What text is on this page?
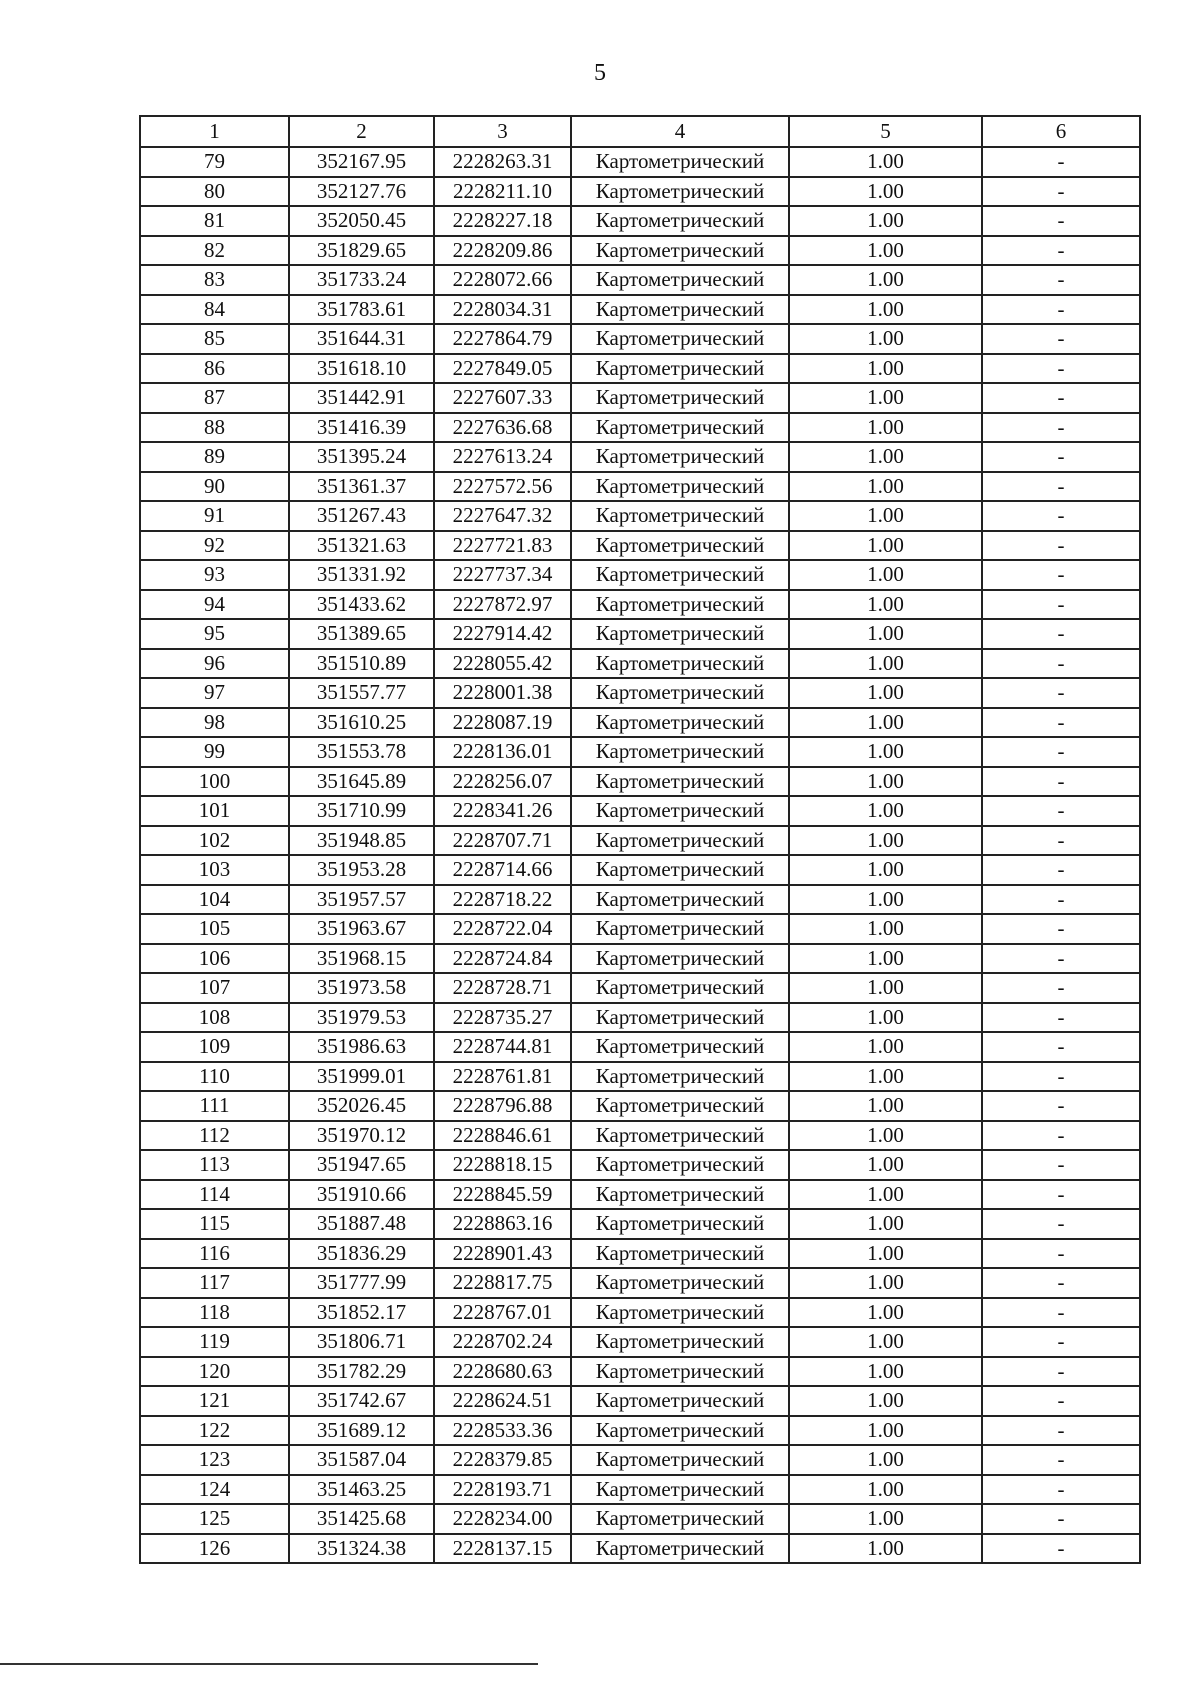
5
1	2	3	4	5	6
79	352167.95	2228263.31	Картометрический	1.00	-
80	352127.76	2228211.10	Картометрический	1.00	-
81	352050.45	2228227.18	Картометрический	1.00	-
82	351829.65	2228209.86	Картометрический	1.00	-
83	351733.24	2228072.66	Картометрический	1.00	-
84	351783.61	2228034.31	Картометрический	1.00	-
85	351644.31	2227864.79	Картометрический	1.00	-
86	351618.10	2227849.05	Картометрический	1.00	-
87	351442.91	2227607.33	Картометрический	1.00	-
88	351416.39	2227636.68	Картометрический	1.00	-
89	351395.24	2227613.24	Картометрический	1.00	-
90	351361.37	2227572.56	Картометрический	1.00	-
91	351267.43	2227647.32	Картометрический	1.00	-
92	351321.63	2227721.83	Картометрический	1.00	-
93	351331.92	2227737.34	Картометрический	1.00	-
94	351433.62	2227872.97	Картометрический	1.00	-
95	351389.65	2227914.42	Картометрический	1.00	-
96	351510.89	2228055.42	Картометрический	1.00	-
97	351557.77	2228001.38	Картометрический	1.00	-
98	351610.25	2228087.19	Картометрический	1.00	-
99	351553.78	2228136.01	Картометрический	1.00	-
100	351645.89	2228256.07	Картометрический	1.00	-
101	351710.99	2228341.26	Картометрический	1.00	-
102	351948.85	2228707.71	Картометрический	1.00	-
103	351953.28	2228714.66	Картометрический	1.00	-
104	351957.57	2228718.22	Картометрический	1.00	-
105	351963.67	2228722.04	Картометрический	1.00	-
106	351968.15	2228724.84	Картометрический	1.00	-
107	351973.58	2228728.71	Картометрический	1.00	-
108	351979.53	2228735.27	Картометрический	1.00	-
109	351986.63	2228744.81	Картометрический	1.00	-
110	351999.01	2228761.81	Картометрический	1.00	-
111	352026.45	2228796.88	Картометрический	1.00	-
112	351970.12	2228846.61	Картометрический	1.00	-
113	351947.65	2228818.15	Картометрический	1.00	-
114	351910.66	2228845.59	Картометрический	1.00	-
115	351887.48	2228863.16	Картометрический	1.00	-
116	351836.29	2228901.43	Картометрический	1.00	-
117	351777.99	2228817.75	Картометрический	1.00	-
118	351852.17	2228767.01	Картометрический	1.00	-
119	351806.71	2228702.24	Картометрический	1.00	-
120	351782.29	2228680.63	Картометрический	1.00	-
121	351742.67	2228624.51	Картометрический	1.00	-
122	351689.12	2228533.36	Картометрический	1.00	-
123	351587.04	2228379.85	Картометрический	1.00	-
124	351463.25	2228193.71	Картометрический	1.00	-
125	351425.68	2228234.00	Картометрический	1.00	-
126	351324.38	2228137.15	Картометрический	1.00	-
